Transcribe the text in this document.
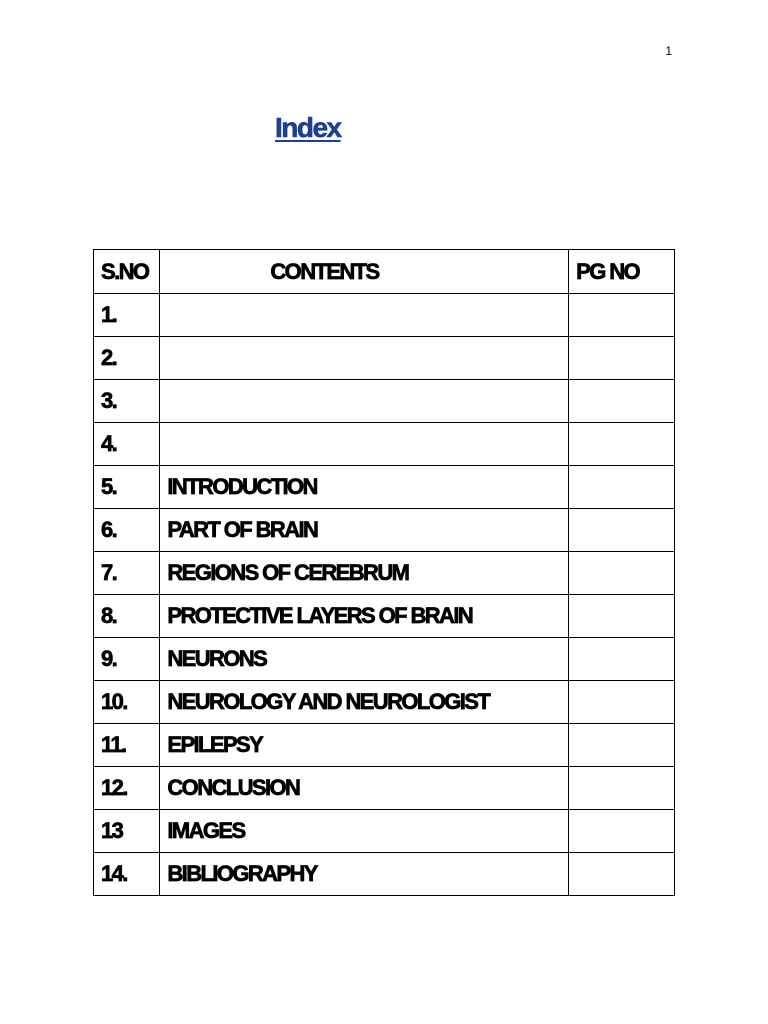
1
Index
S.NO	CONTENTS	PG NO
1.		
2.		
3.		
4.		
5.	INTRODUCTION	
6.	PART OF BRAIN	
7.	REGIONS OF CEREBRUM	
8.	PROTECTIVE LAYERS OF BRAIN	
9.	NEURONS	
10.	NEUROLOGY AND NEUROLOGIST	
11.	EPILEPSY	
12.	CONCLUSION	
13	IMAGES	
14.	BIBLIOGRAPHY	
